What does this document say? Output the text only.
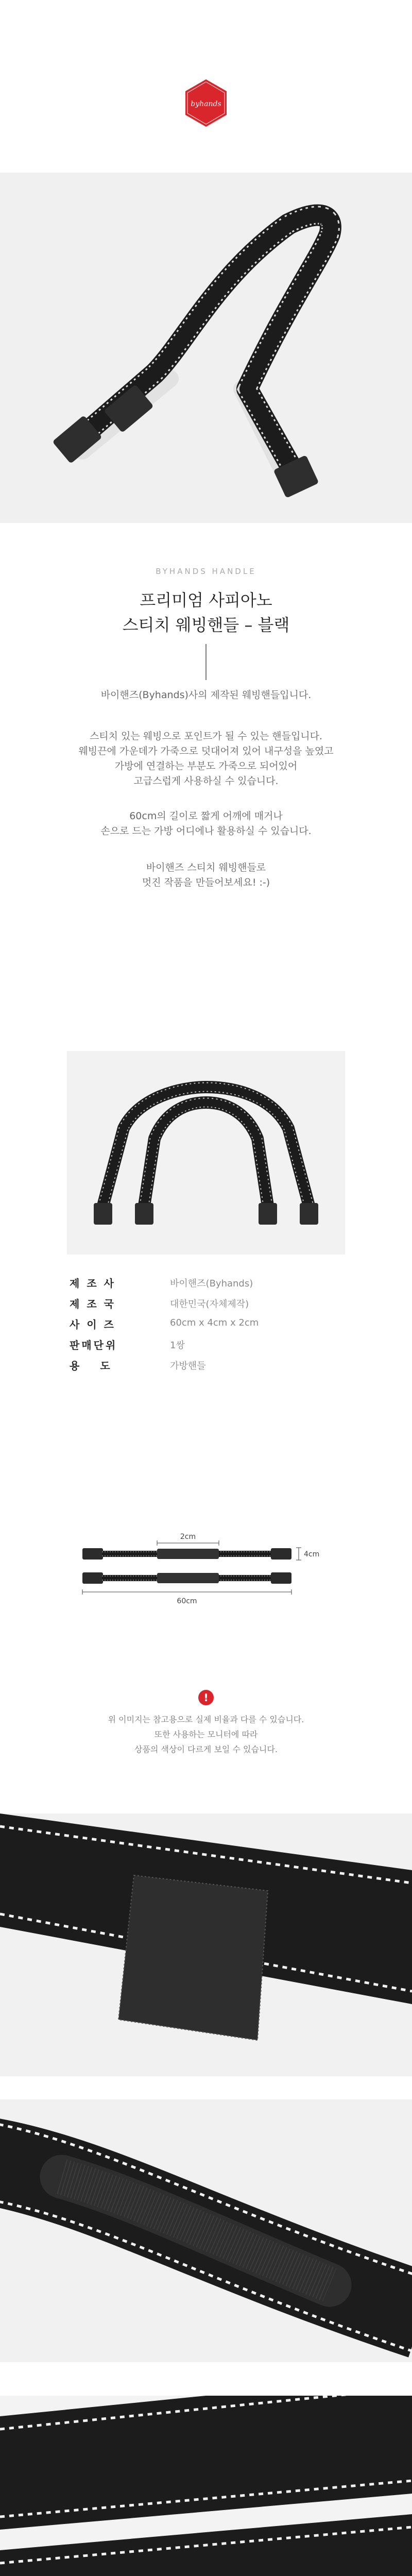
byhands
BYHANDS HANDLE
프리미엄 사피아노
스티치 웨빙핸들 – 블랙
바이핸즈(Byhands)사의 제작된 웨빙핸들입니다.
스티치 있는 웨빙으로 포인트가 될 수 있는 핸들입니다.
웨빙끈에 가운데가 가죽으로 덧대어져 있어 내구성을 높였고
가방에 연결하는 부분도 가죽으로 되어있어
고급스럽게 사용하실 수 있습니다.
60cm의 길이로 짧게 어깨에 매거나
손으로 드는 가방 어디에나 활용하실 수 있습니다.
바이핸즈 스티치 웨빙핸들로
멋진 작품을 만들어보세요! :-)
제조사	바이핸즈(Byhands)
제조국	대한민국(자체제작)
사이즈	60cm x 4cm x 2cm
판매단위	1쌍
용도	가방핸들
2cm
4cm
60cm
!
위 이미지는 참고용으로 실제 비율과 다를 수 있습니다.
또한 사용하는 모니터에 따라
상품의 색상이 다르게 보일 수 있습니다.
